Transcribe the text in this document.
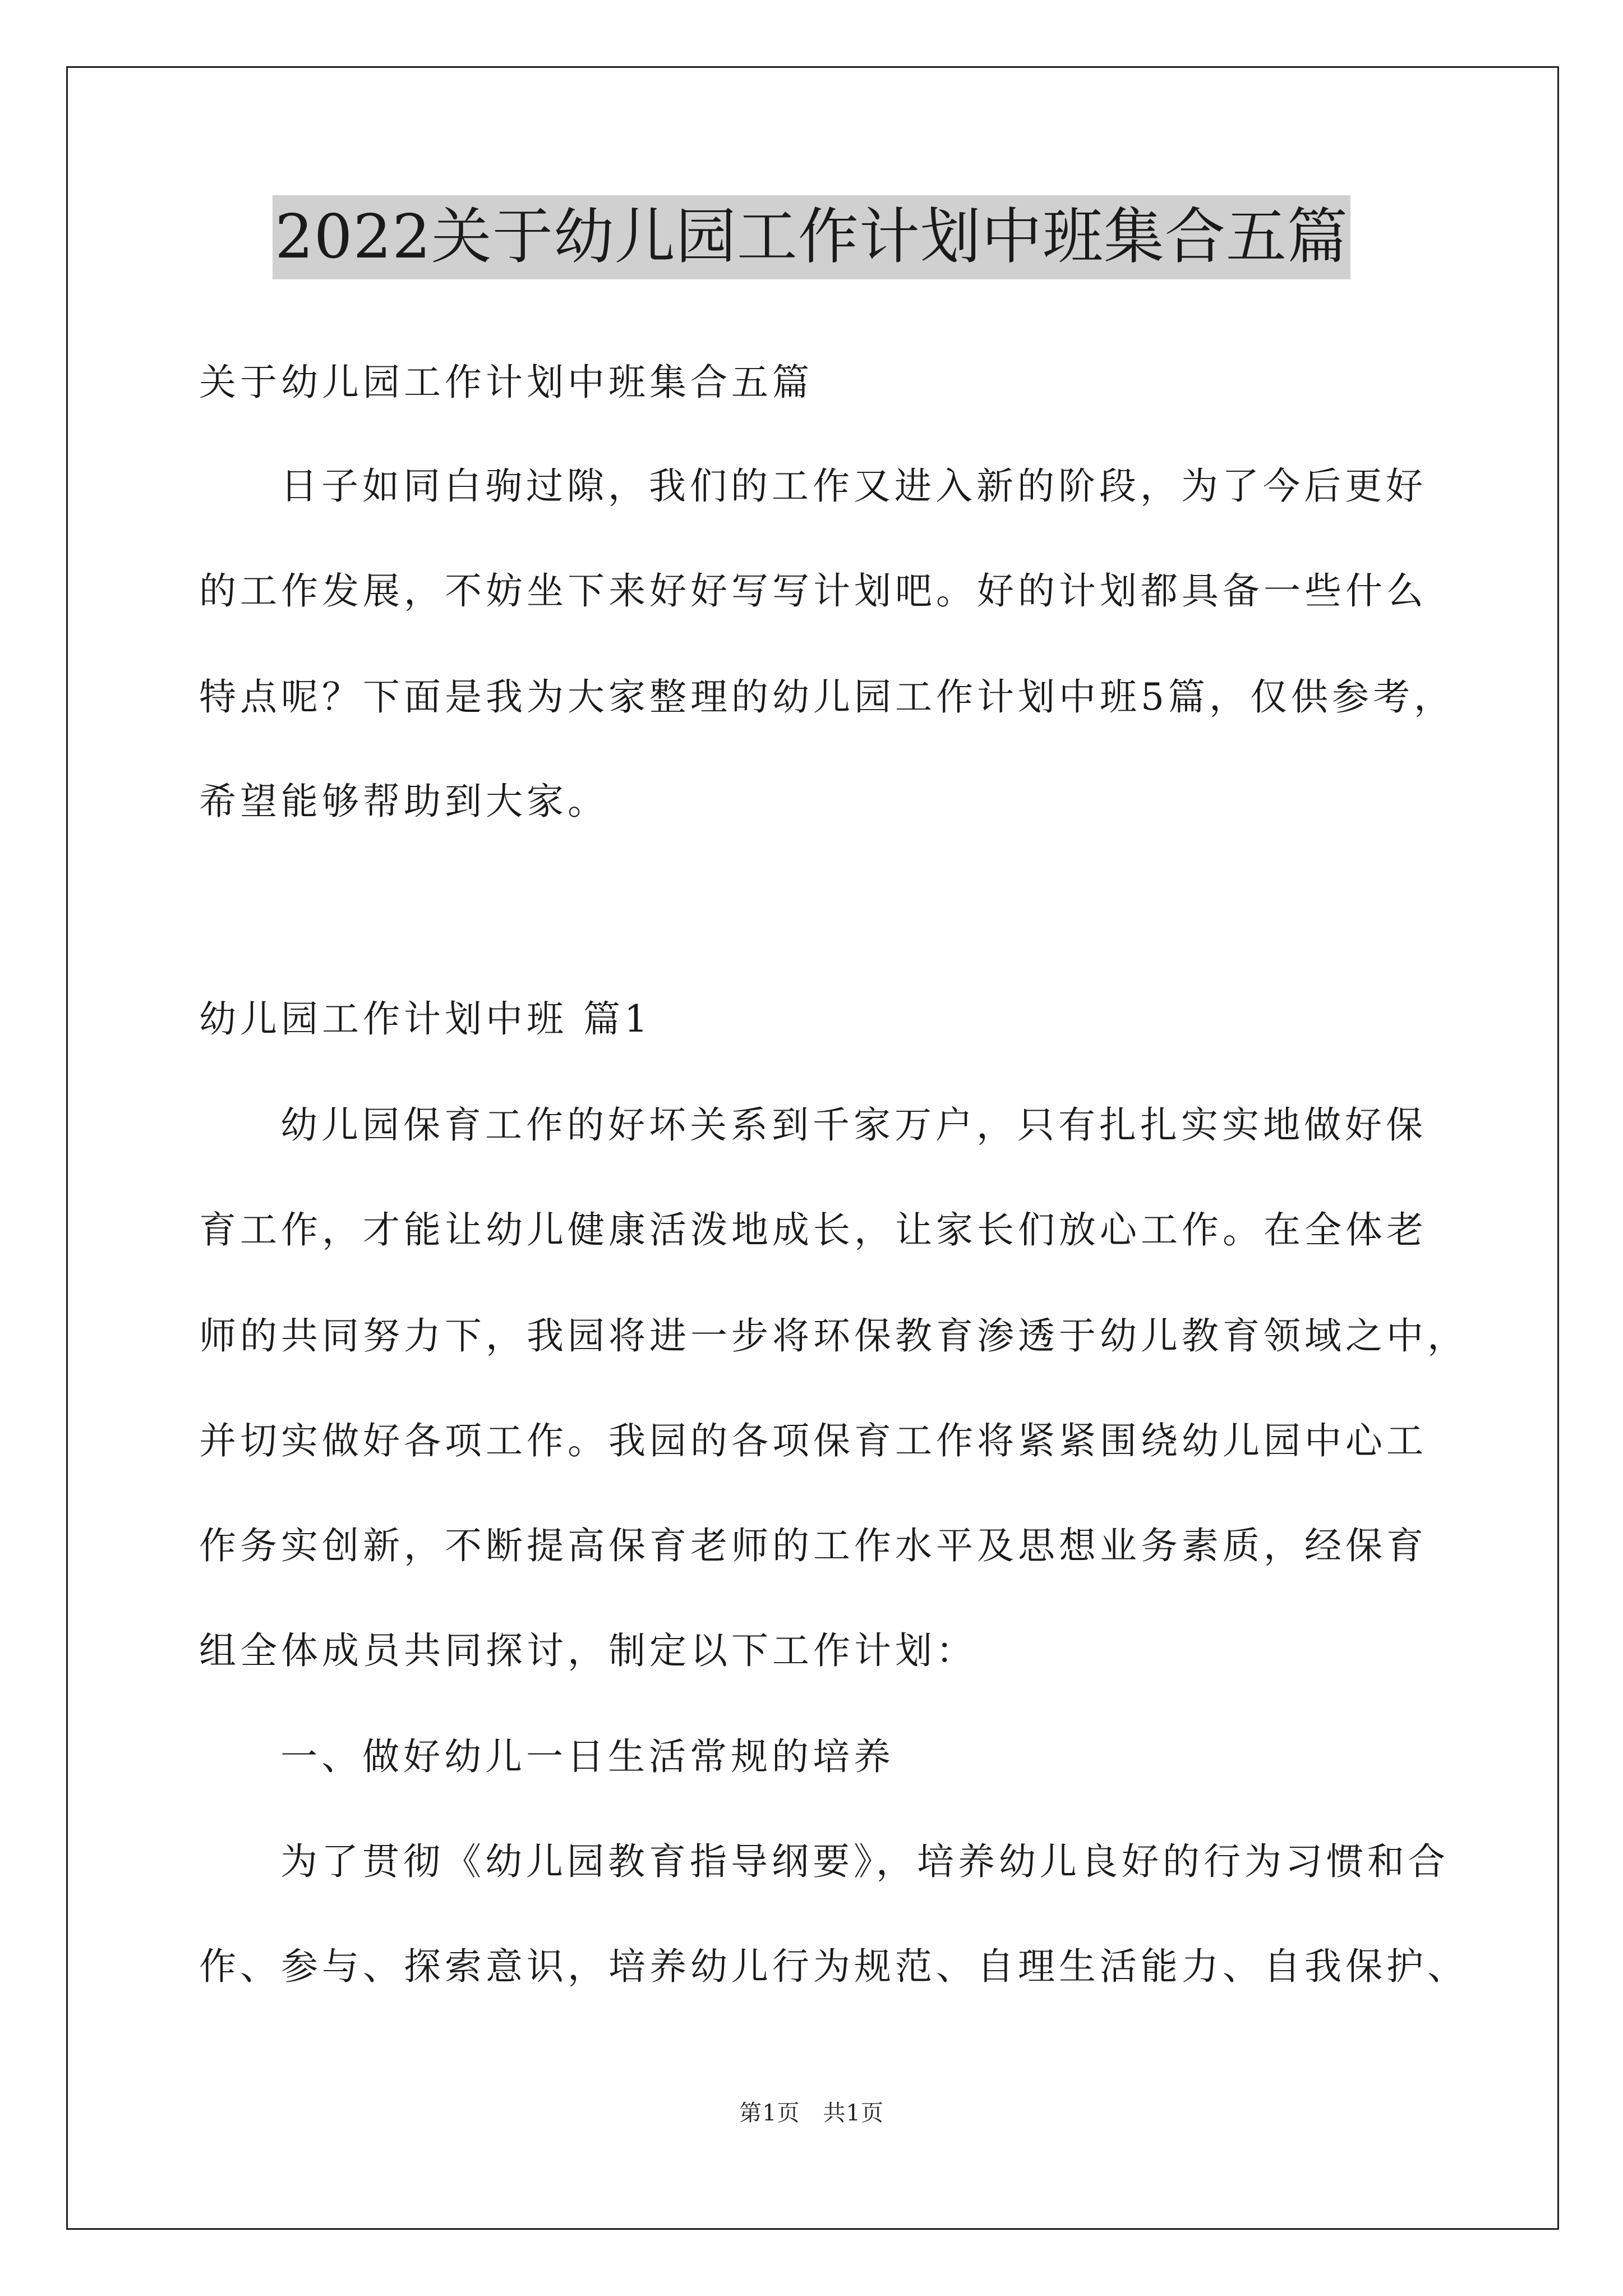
2022关于幼儿园工作计划中班集合五篇
关于幼儿园工作计划中班集合五篇
日子如同白驹过隙，我们的工作又进入新的阶段，为了今后更好
的工作发展，不妨坐下来好好写写计划吧。好的计划都具备一些什么
特点呢？下面是我为大家整理的幼儿园工作计划中班5篇，仅供参考，
希望能够帮助到大家。
幼儿园工作计划中班 篇1
幼儿园保育工作的好坏关系到千家万户，只有扎扎实实地做好保
育工作，才能让幼儿健康活泼地成长，让家长们放心工作。在全体老
师的共同努力下，我园将进一步将环保教育渗透于幼儿教育领域之中，
并切实做好各项工作。我园的各项保育工作将紧紧围绕幼儿园中心工
作务实创新，不断提高保育老师的工作水平及思想业务素质，经保育
组全体成员共同探讨，制定以下工作计划：
一、做好幼儿一日生活常规的培养
为了贯彻《幼儿园教育指导纲要》，培养幼儿良好的行为习惯和合
作、参与、探索意识，培养幼儿行为规范、自理生活能力、自我保护、
第1页　共1页
